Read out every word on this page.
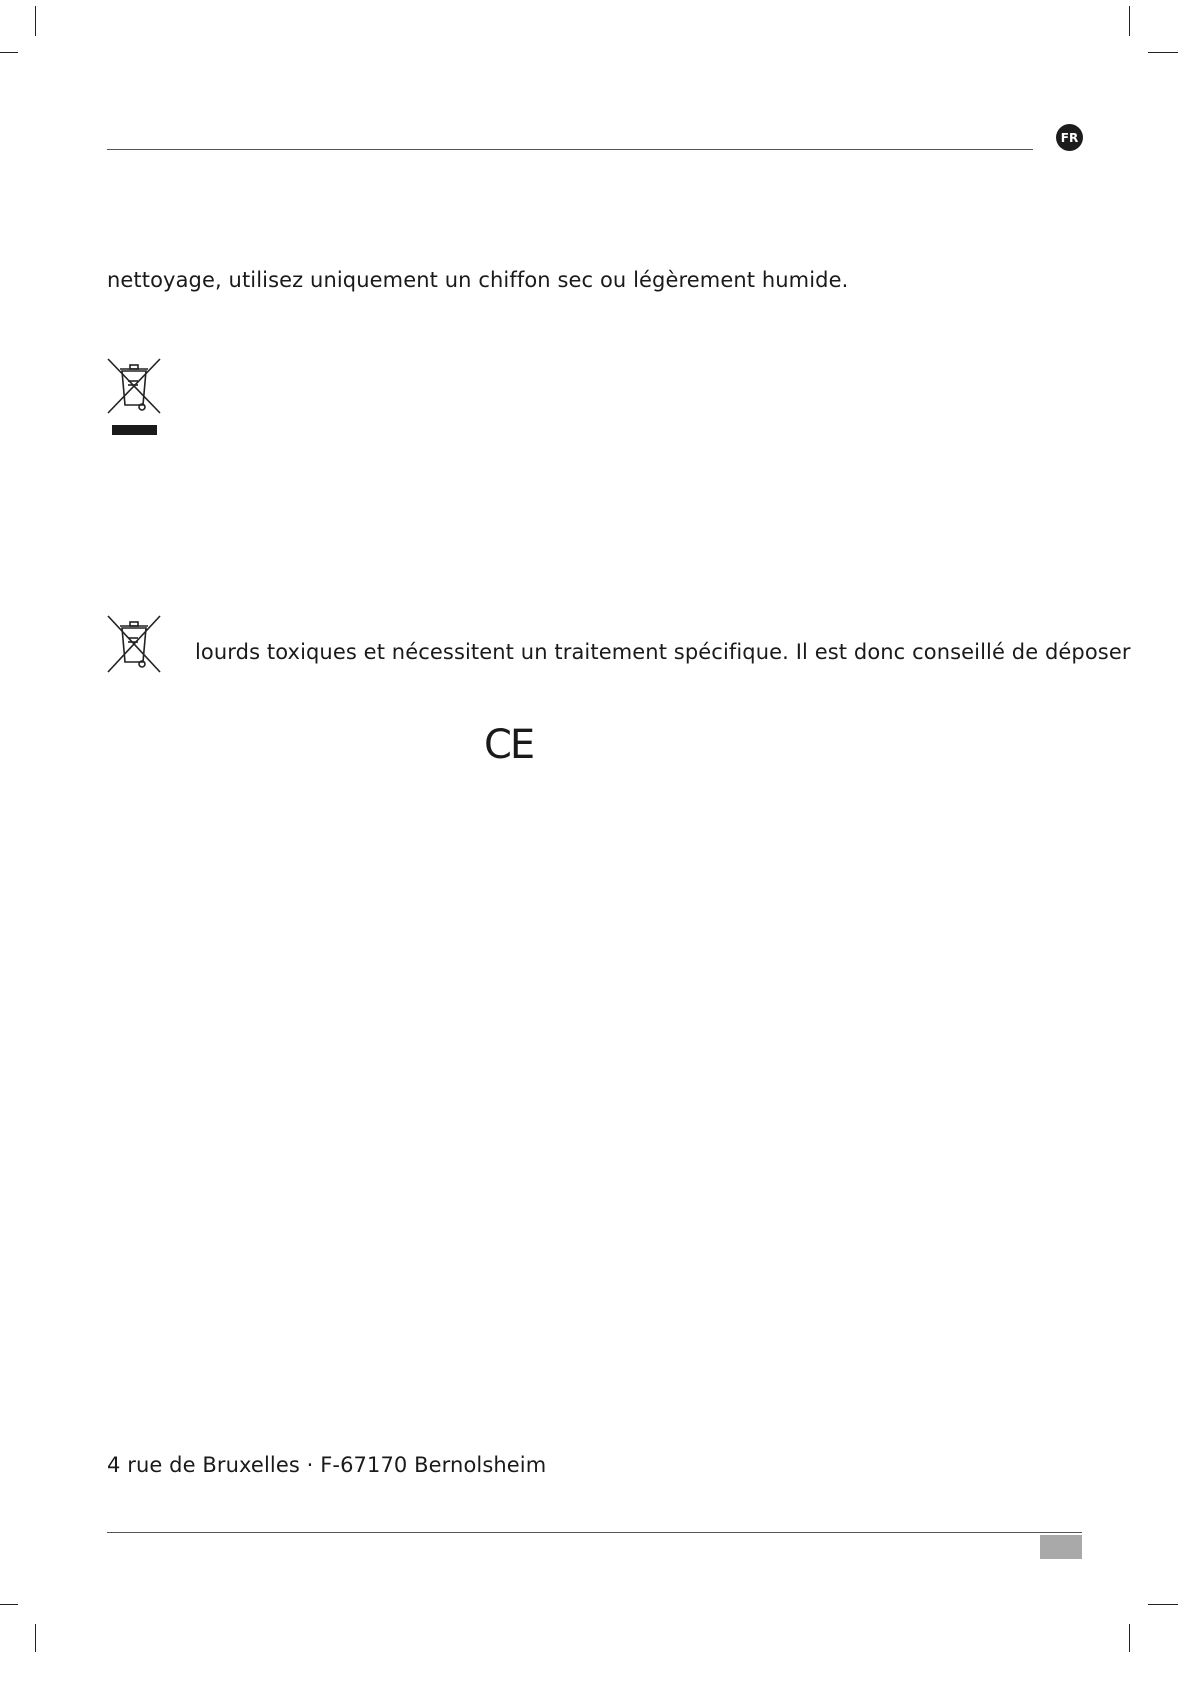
FR
nettoyage, utilisez uniquement un chiffon sec ou légèrement humide.
lourds toxiques et nécessitent un traitement spécifique. Il est donc conseillé de déposer
CE
4 rue de Bruxelles · F-67170 Bernolsheim
